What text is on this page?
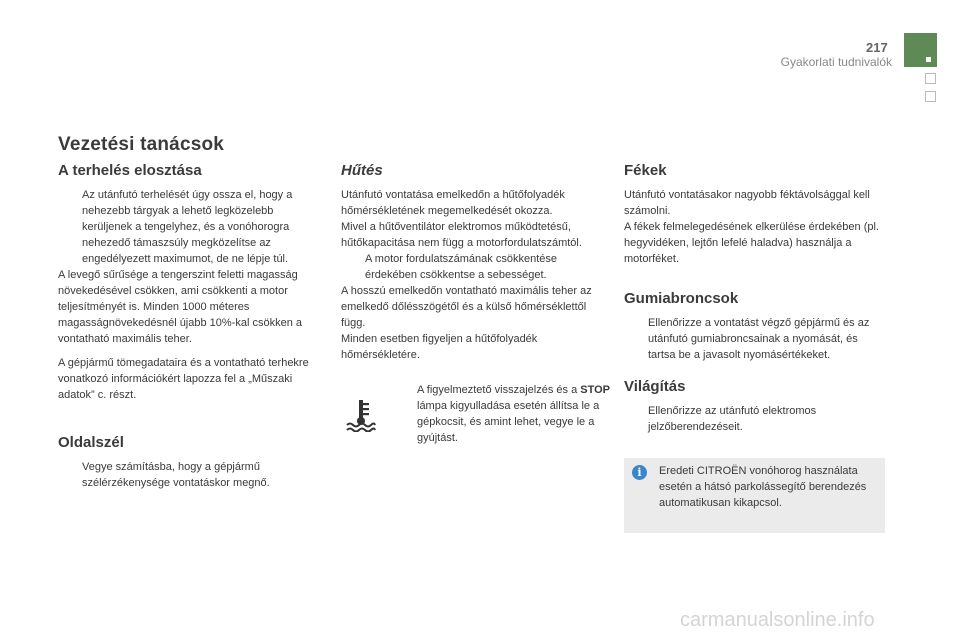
217
Gyakorlati tudnivalók
Vezetési tanácsok
A terhelés elosztása
Az utánfutó terhelését úgy ossza el, hogy a nehezebb tárgyak a lehető legközelebb kerüljenek a tengelyhez, és a vonóhorogra nehezedő támaszsúly megközelítse az engedélyezett maximumot, de ne lépje túl.

A levegő sűrűsége a tengerszint feletti magasság növekedésével csökken, ami csökkenti a motor teljesítményét is. Minden 1000 méteres magasságnövekedésnél újabb 10%-kal csökken a vontatható maximális teher.

A gépjármű tömegadataira és a vontatható terhekre vonatkozó információkért lapozza fel a „Műszaki adatok” c. részt.

Oldalszél
Vegye számításba, hogy a gépjármű szélérzékenysége vontatáskor megnő.
Hűtés
Utánfutó vontatása emelkedőn a hűtőfolyadék hőmérsékletének megemelkedését okozza.
Mivel a hűtőventilátor elektromos működtetésű, hűtőkapacitása nem függ a motorfordulatszámtól.
A motor fordulatszámának csökkentése érdekében csökkentse a sebességet.
A hosszú emelkedőn vontatható maximális teher az emelkedő dőlésszögétől és a külső hőmérséklettől függ.
Minden esetben figyeljen a hűtőfolyadék hőmérsékletére.
A figyelmeztető visszajelzés és a STOP lámpa kigyulladása esetén állítsa le a gépkocsit, és amint lehet, vegye le a gyújtást.
Fékek
Utánfutó vontatásakor nagyobb féktávolsággal kell számolni.
A fékek felmelegedésének elkerülése érdekében (pl. hegyvidéken, lejtőn lefelé haladva) használja a motorféket.
Gumiabroncsok
Ellenőrizze a vontatást végző gépjármű és az utánfutó gumiabroncsainak a nyomását, és tartsa be a javasolt nyomásértékeket.
Világítás
Ellenőrizze az utánfutó elektromos jelzőberendezéseit.
i	Eredeti CITROËN vonóhorog használata esetén a hátsó parkolássegítő berendezés automatikusan kikapcsol.
carmanualsonline.info
